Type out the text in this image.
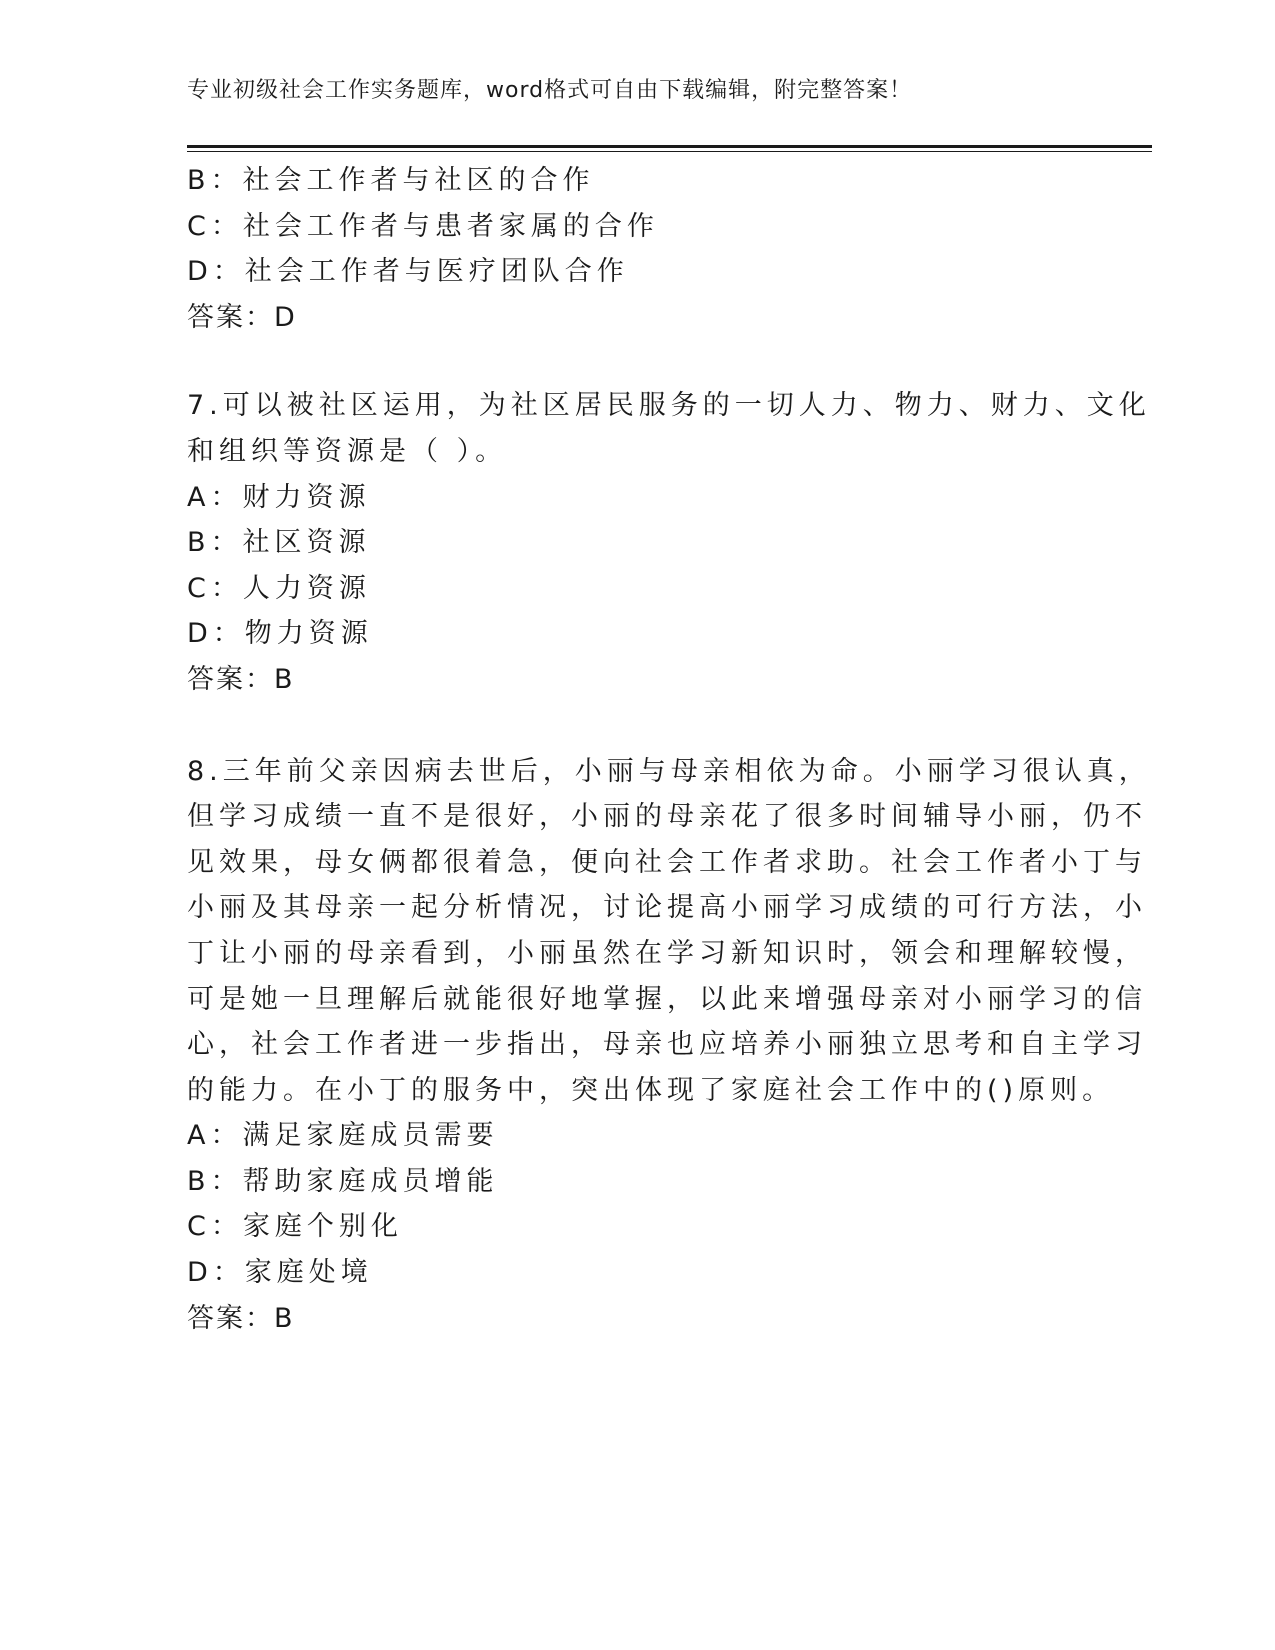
专业初级社会工作实务题库，word格式可自由下载编辑，附完整答案！
B：社会工作者与社区的合作
C：社会工作者与患者家属的合作
D：社会工作者与医疗团队合作
答案：D
7.可以被社区运用，为社区居民服务的一切人力、物力、财力、文化
和组织等资源是（ ）。
A：财力资源
B：社区资源
C：人力资源
D：物力资源
答案：B
8.三年前父亲因病去世后，小丽与母亲相依为命。小丽学习很认真，
但学习成绩一直不是很好，小丽的母亲花了很多时间辅导小丽，仍不
见效果，母女俩都很着急，便向社会工作者求助。社会工作者小丁与
小丽及其母亲一起分析情况，讨论提高小丽学习成绩的可行方法，小
丁让小丽的母亲看到，小丽虽然在学习新知识时，领会和理解较慢，
可是她一旦理解后就能很好地掌握，以此来增强母亲对小丽学习的信
心，社会工作者进一步指出，母亲也应培养小丽独立思考和自主学习
的能力。在小丁的服务中，突出体现了家庭社会工作中的()原则。
A：满足家庭成员需要
B：帮助家庭成员增能
C：家庭个别化
D：家庭处境
答案：B
